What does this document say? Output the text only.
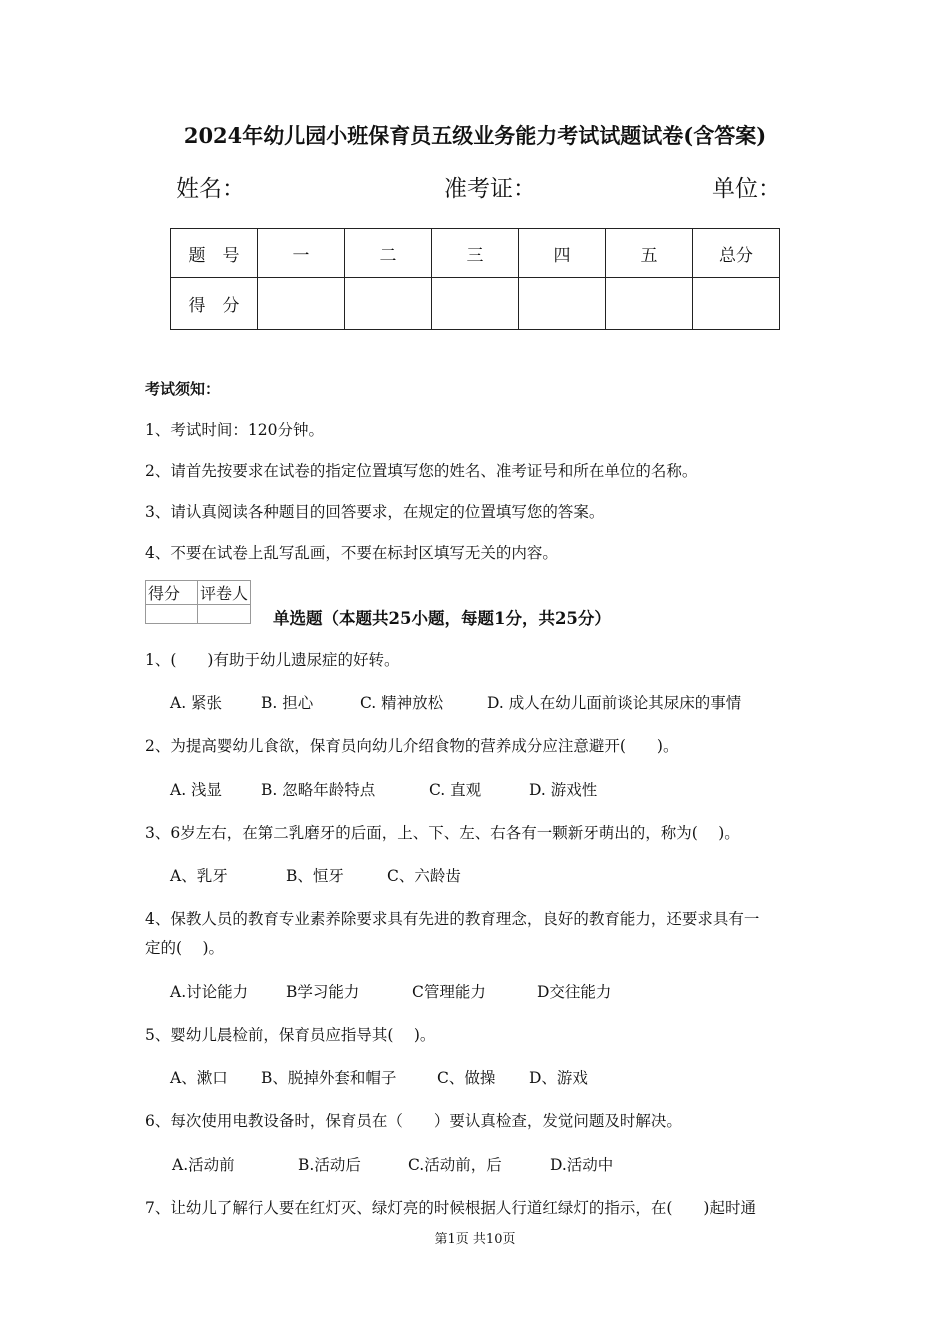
2024年幼儿园小班保育员五级业务能力考试试题试卷(含答案)
姓名：	准考证：	单位：
题　号	一	二	三	四	五	总分
得　分						
考试须知：
1、考试时间：120分钟。
2、请首先按要求在试卷的指定位置填写您的姓名、准考证号和所在单位的名称。
3、请认真阅读各种题目的回答要求，在规定的位置填写您的答案。
4、不要在试卷上乱写乱画，不要在标封区填写无关的内容。
得分	评卷人

单选题（本题共25小题，每题1分，共25分）
1、(　　)有助于幼儿遗尿症的好转。
A. 紧张	B. 担心	C. 精神放松	D. 成人在幼儿面前谈论其尿床的事情
2、为提高婴幼儿食欲，保育员向幼儿介绍食物的营养成分应注意避开(　　)。
A. 浅显	B. 忽略年龄特点	C. 直观	D. 游戏性
3、6岁左右，在第二乳磨牙的后面，上、下、左、右各有一颗新牙萌出的，称为(　 )。
A、乳牙	B、恒牙	C、六龄齿
4、保教人员的教育专业素养除要求具有先进的教育理念，良好的教育能力，还要求具有一
定的(　 )。
A.讨论能力 B学习能力	C管理能力	D交往能力
5、婴幼儿晨检前，保育员应指导其(　 )。
A、漱口 B、脱掉外套和帽子	C、做操 D、游戏
6、每次使用电教设备时，保育员在（　　）要认真检查，发觉问题及时解决。
A.活动前	B.活动后	C.活动前，后	D.活动中
7、让幼儿了解行人要在红灯灭、绿灯亮的时候根据人行道红绿灯的指示，在(　　)起时通
第1页 共10页
